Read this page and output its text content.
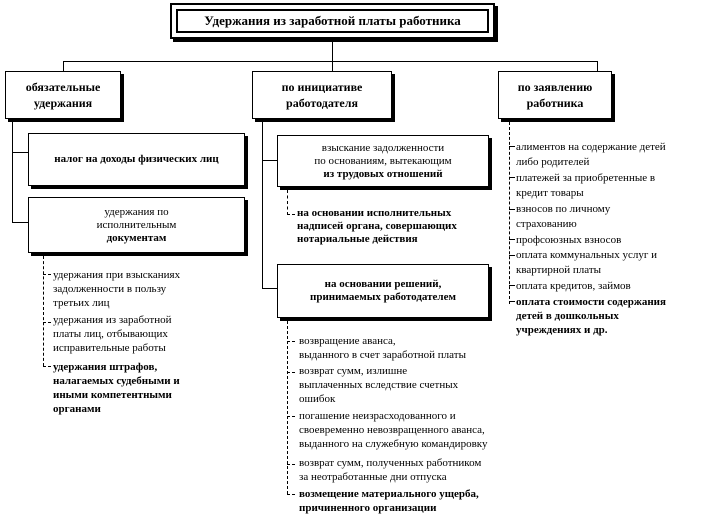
Удержания из заработной платы работника
обязательные
удержания
по инициативе
работодателя
по заявлению
работника
налог на доходы физических лиц
удержания по
исполнительным
документам
удержания при взысканиях
задолженности в пользу
третьих лиц
удержания из заработной
платы лиц, отбывающих
исправительные работы
удержания штрафов,
налагаемых судебными и
иными компетентными
органами
взыскание задолженности
по основаниям, вытекающим
из трудовых отношений
на основании исполнительных
надписей органа, совершающих
нотариальные действия
на основании решений,
принимаемых работодателем
возвращение аванса,
выданного в счет заработной платы
возврат сумм, излишне
выплаченных вследствие счетных
ошибок
погашение неизрасходованного и
своевременно невозвращенного аванса,
выданного на служебную командировку
возврат сумм, полученных работником
за неотработанные дни отпуска
возмещение материального ущерба,
причиненного организации
алиментов на содержание детей
либо родителей
платежей за приобретенные в
кредит товары
взносов по личному
страхованию
профсоюзных взносов
оплата коммунальных услуг и
квартирной платы
оплата кредитов, займов
оплата стоимости содержания
детей в дошкольных
учреждениях и др.
